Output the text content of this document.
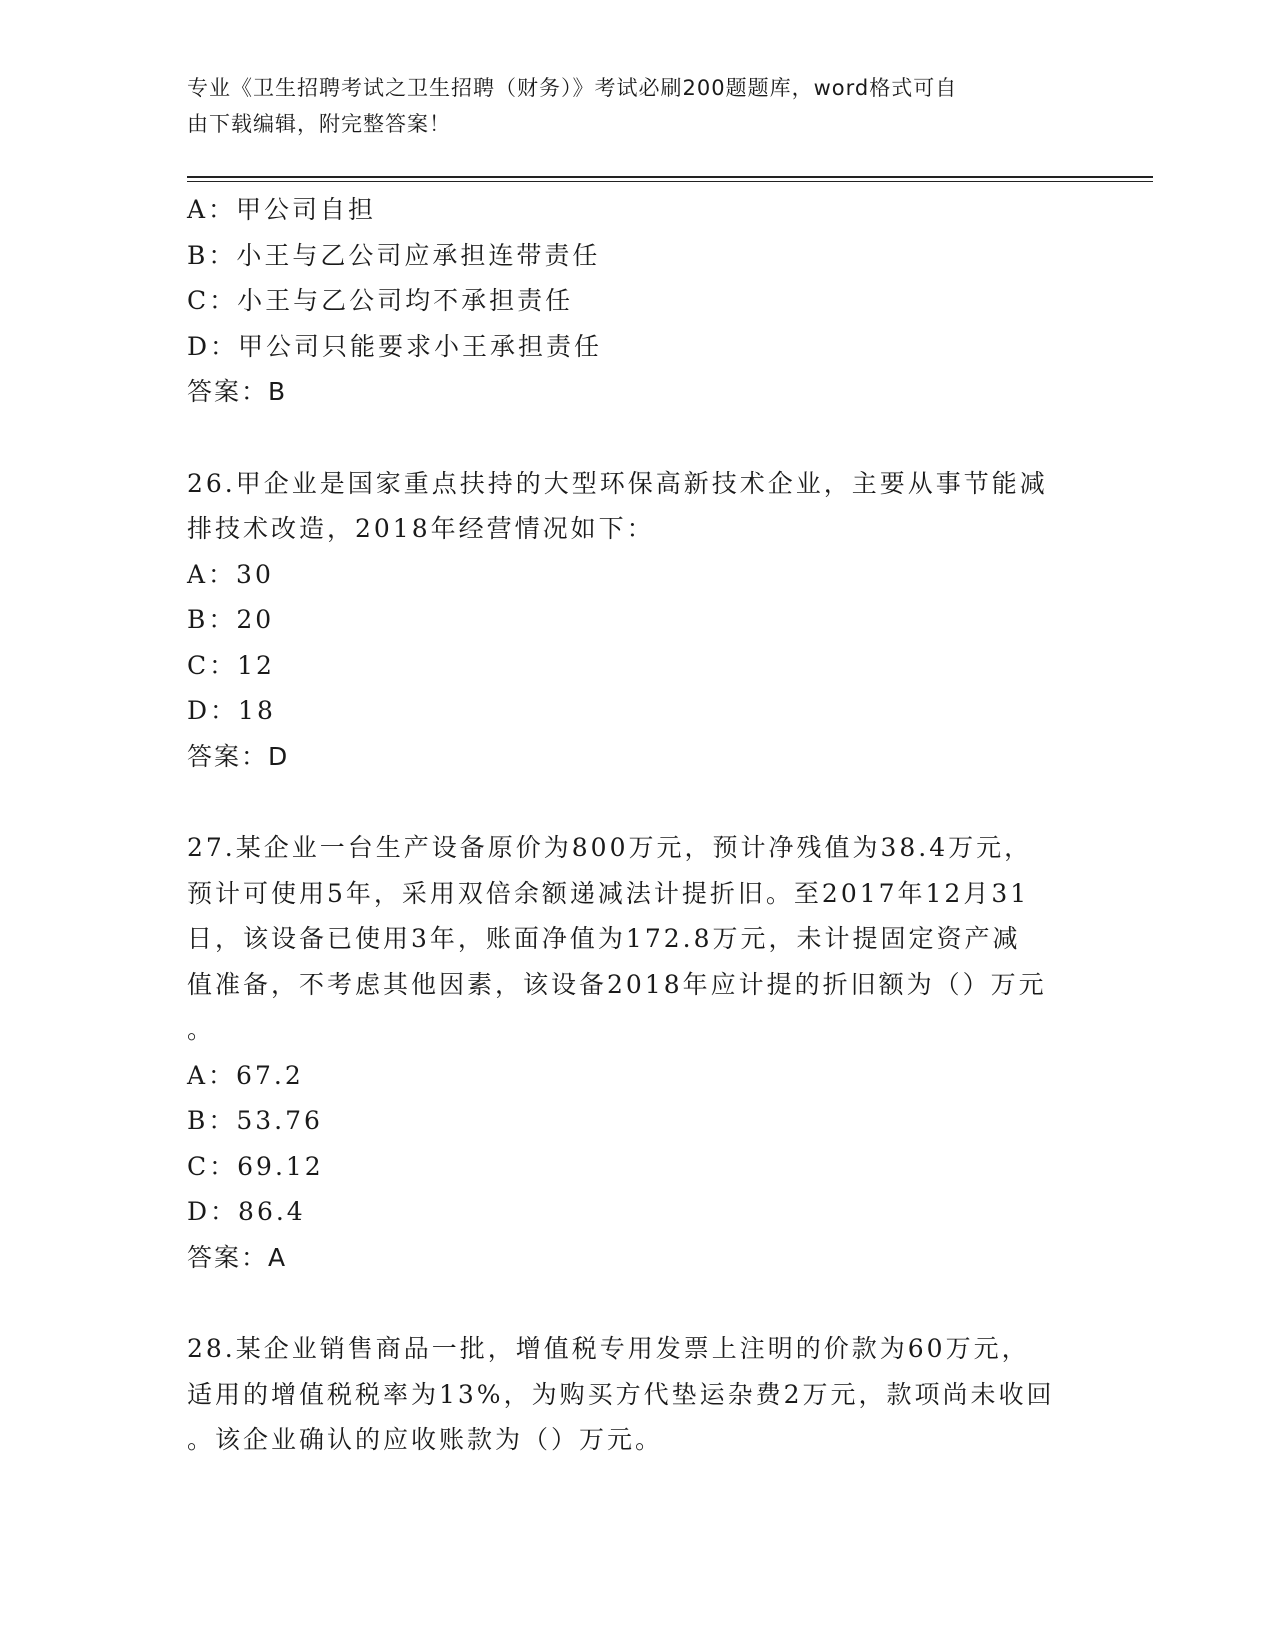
专业《卫生招聘考试之卫生招聘（财务）》考试必刷200题题库，word格式可自
由下载编辑，附完整答案！
A：甲公司自担
B：小王与乙公司应承担连带责任
C：小王与乙公司均不承担责任
D：甲公司只能要求小王承担责任
答案：B
26.甲企业是国家重点扶持的大型环保高新技术企业，主要从事节能减
排技术改造，2018年经营情况如下：
A：30
B：20
C：12
D：18
答案：D
27.某企业一台生产设备原价为800万元，预计净残值为38.4万元，
预计可使用5年，采用双倍余额递减法计提折旧。至2017年12月31
日，该设备已使用3年，账面净值为172.8万元，未计提固定资产减
值准备，不考虑其他因素，该设备2018年应计提的折旧额为（）万元
。
A：67.2
B：53.76
C：69.12
D：86.4
答案：A
28.某企业销售商品一批，增值税专用发票上注明的价款为60万元，
适用的增值税税率为13%，为购买方代垫运杂费2万元，款项尚未收回
。该企业确认的应收账款为（）万元。
